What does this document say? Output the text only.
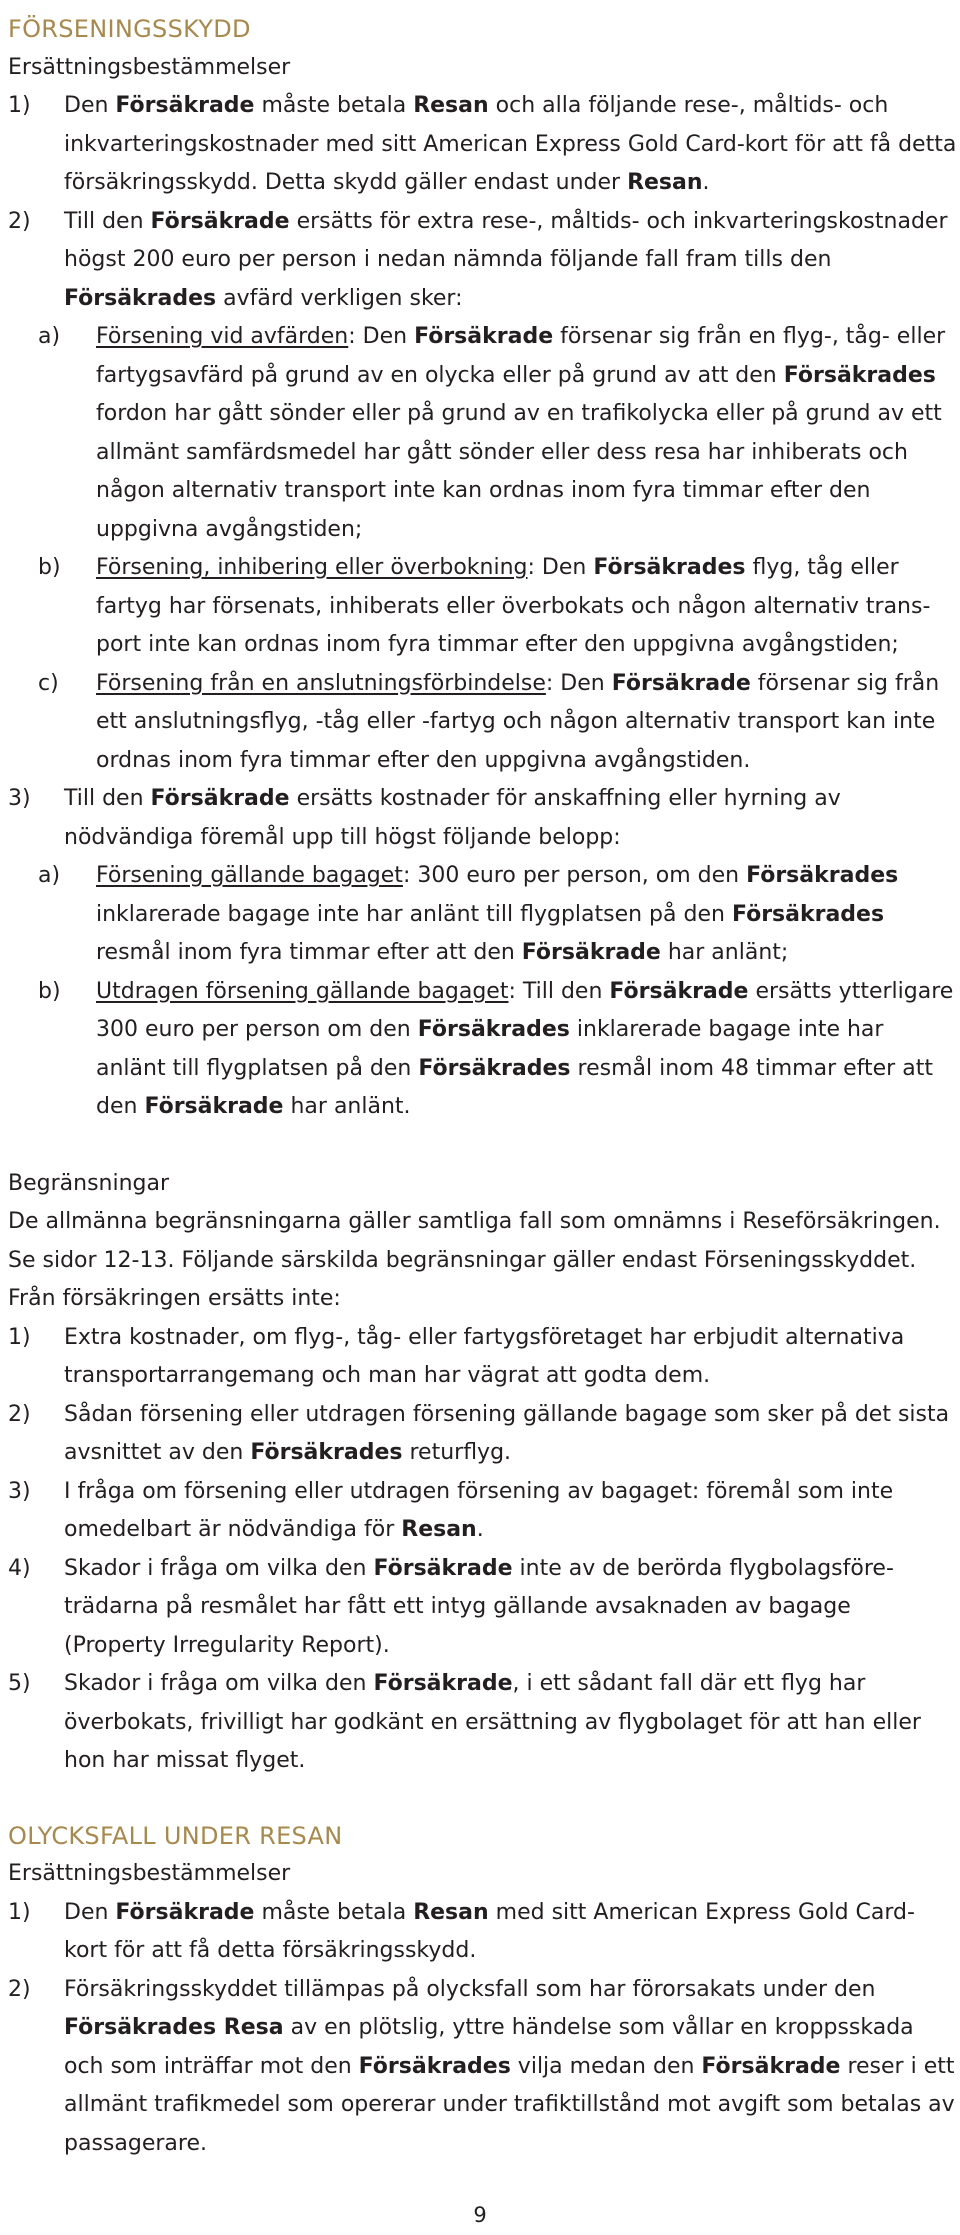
FÖRSENINGSSKYDD
Ersättningsbestämmelser
1) Den Försäkrade måste betala Resan och alla följande rese-, måltids- och inkvarteringskostnader med sitt American Express Gold Card-kort för att få detta försäkringsskydd. Detta skydd gäller endast under Resan.
2) Till den Försäkrade ersätts för extra rese-, måltids- och inkvarteringskostnader högst 200 euro per person i nedan nämnda följande fall fram tills den Försäkrades avfärd verkligen sker:
a) Försening vid avfärden: Den Försäkrade försenar sig från en flyg-, tåg- eller fartygsavfärd på grund av en olycka eller på grund av att den Försäkrades fordon har gått sönder eller på grund av en trafikolycka eller på grund av ett allmänt samfärdsmedel har gått sönder eller dess resa har inhiberats och någon alternativ transport inte kan ordnas inom fyra timmar efter den uppgivna avgångstiden;
b) Försening, inhibering eller överbokning: Den Försäkrades flyg, tåg eller fartyg har försenats, inhiberats eller överbokats och någon alternativ transport inte kan ordnas inom fyra timmar efter den uppgivna avgångstiden;
c) Försening från en anslutningsförbindelse: Den Försäkrade försenar sig från ett anslutningsflyg, -tåg eller -fartyg och någon alternativ transport kan inte ordnas inom fyra timmar efter den uppgivna avgångstiden.
3) Till den Försäkrade ersätts kostnader för anskaffning eller hyrning av nödvändiga föremål upp till högst följande belopp:
a) Försening gällande bagaget: 300 euro per person, om den Försäkrades inklarerade bagage inte har anlänt till flygplatsen på den Försäkrades resmål inom fyra timmar efter att den Försäkrade har anlänt;
b) Utdragen försening gällande bagaget: Till den Försäkrade ersätts ytterligare 300 euro per person om den Försäkrades inklarerade bagage inte har anlänt till flygplatsen på den Försäkrades resmål inom 48 timmar efter att den Försäkrade har anlänt.
Begränsningar
De allmänna begränsningarna gäller samtliga fall som omnämns i Reseförsäkringen. Se sidor 12-13. Följande särskilda begränsningar gäller endast Förseningsskyddet. Från försäkringen ersätts inte:
1) Extra kostnader, om flyg-, tåg- eller fartygsföretaget har erbjudit alternativa transportarrangemang och man har vägrat att godta dem.
2) Sådan försening eller utdragen försening gällande bagage som sker på det sista avsnittet av den Försäkrades returflyg.
3) I fråga om försening eller utdragen försening av bagaget: föremål som inte omedelbart är nödvändiga för Resan.
4) Skador i fråga om vilka den Försäkrade inte av de berörda flygbolagsföreträdarna på resmålet har fått ett intyg gällande avsaknaden av bagage (Property Irregularity Report).
5) Skador i fråga om vilka den Försäkrade, i ett sådant fall där ett flyg har överbokats, frivilligt har godkänt en ersättning av flygbolaget för att han eller hon har missat flyget.
OLYCKSFALL UNDER RESAN
Ersättningsbestämmelser
1) Den Försäkrade måste betala Resan med sitt American Express Gold Card-kort för att få detta försäkringsskydd.
2) Försäkringsskyddet tillämpas på olycksfall som har förorsakats under den Försäkrades Resa av en plötslig, yttre händelse som vållar en kroppsskada och som inträffar mot den Försäkrades vilja medan den Försäkrade reser i ett allmänt trafikmedel som opererar under trafiktillstånd mot avgift som betalas av passagerare.
9
